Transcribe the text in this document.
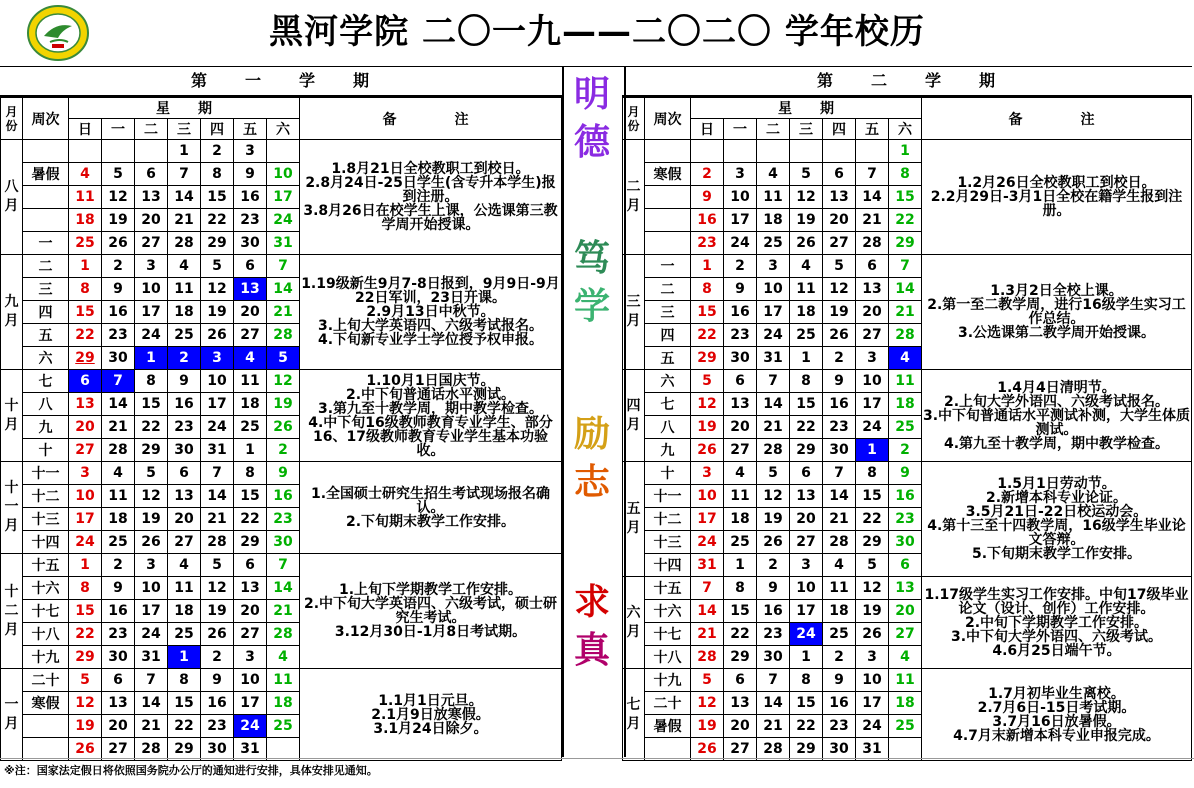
黑河学院 二〇一九——二〇二〇 学年校历
第　　一　　学　　期
月份	周次	星　　期							备　　注
		日	一	二	三	四	五	六	
八月					1	2	3		1.8月21日全校教职工到校日。
2.8月24日-25日学生(含专升本学生)报到注册。
3.8月26日在校学生上课，公选课第三教学周开始授课。

	暑假	4	5	6	7	8	9	10	
		11	12	13	14	15	16	17	
		18	19	20	21	22	23	24	
	一	25	26	27	28	29	30	31	
九月	二	1	2	3	4	5	6	7	1.19级新生9月7-8日报到，9月9日-9月22日军训，23日开课。
2.9月13日中秋节。
3.上旬大学英语四、六级考试报名。
4.下旬新专业学士学位授予权申报。

	三	8	9	10	11	12	13	14	
	四	15	16	17	18	19	20	21	
	五	22	23	24	25	26	27	28	
	六	29	30	1	2	3	4	5	
十月	七	6	7	8	9	10	11	12	1.10月1日国庆节。
2.中下旬普通话水平测试。
3.第九至十教学周，期中教学检查。
4.中下旬16级教师教育专业学生、部分16、17级教师教育专业学生基本功验收。

	八	13	14	15	16	17	18	19	
	九	20	21	22	23	24	25	26	
	十	27	28	29	30	31	1	2	
十一月	十一	3	4	5	6	7	8	9	1.全国硕士研究生招生考试现场报名确认。
2.下旬期末教学工作安排。

	十二	10	11	12	13	14	15	16	
	十三	17	18	19	20	21	22	23	
	十四	24	25	26	27	28	29	30	
十二月	十五	1	2	3	4	5	6	7	1.上旬下学期教学工作安排。
2.中下旬大学英语四、六级考试，硕士研究生考试。
3.12月30日-1月8日考试期。

	十六	8	9	10	11	12	13	14	
	十七	15	16	17	18	19	20	21	
	十八	22	23	24	25	26	27	28	
	十九	29	30	31	1	2	3	4	
一月	二十	5	6	7	8	9	10	11	1.1月1日元旦。
2.1月9日放寒假。
3.1月24日除夕。

	寒假	12	13	14	15	16	17	18	
		19	20	21	22	23	24	25	
		26	27	28	29	30	31		
明
德
笃
学
励
志
求
真
第　　二　　学　　期
月份	周次	星　　期							备　　注
		日	一	二	三	四	五	六	
二月								1	1.2月26日全校教职工到校日。
2.2月29日-3月1日全校在籍学生报到注册。

	寒假	2	3	4	5	6	7	8	
		9	10	11	12	13	14	15	
		16	17	18	19	20	21	22	
		23	24	25	26	27	28	29	
三月	一	1	2	3	4	5	6	7	1.3月2日全校上课。
2.第一至二教学周，进行16级学生实习工作总结。
3.公选课第二教学周开始授课。

	二	8	9	10	11	12	13	14	
	三	15	16	17	18	19	20	21	
	四	22	23	24	25	26	27	28	
	五	29	30	31	1	2	3	4	
四月	六	5	6	7	8	9	10	11	1.4月4日清明节。
2.上旬大学外语四、六级考试报名。
3.中下旬普通话水平测试补测，大学生体质测试。
4.第九至十教学周，期中教学检查。

	七	12	13	14	15	16	17	18	
	八	19	20	21	22	23	24	25	
	九	26	27	28	29	30	1	2	
五月	十	3	4	5	6	7	8	9	1.5月1日劳动节。
2.新增本科专业论证。
3.5月21日-22日校运动会。
4.第十三至十四教学周，16级学生毕业论文答辩。
5.下旬期末教学工作安排。

	十一	10	11	12	13	14	15	16	
	十二	17	18	19	20	21	22	23	
	十三	24	25	26	27	28	29	30	
	十四	31	1	2	3	4	5	6	
六月	十五	7	8	9	10	11	12	13	1.17级学生实习工作安排。中旬17级毕业论文（设计、创作）工作安排。
2.中旬下学期教学工作安排。
3.中下旬大学外语四、六级考试。
4.6月25日端午节。

	十六	14	15	16	17	18	19	20	
	十七	21	22	23	24	25	26	27	
	十八	28	29	30	1	2	3	4	
七月	十九	5	6	7	8	9	10	11	1.7月初毕业生离校。
2.7月6日-15日考试期。
3.7月16日放暑假。
4.7月末新增本科专业申报完成。

	二十	12	13	14	15	16	17	18	
	暑假	19	20	21	22	23	24	25	
		26	27	28	29	30	31		
※注：国家法定假日将依照国务院办公厅的通知进行安排，具体安排见通知。
